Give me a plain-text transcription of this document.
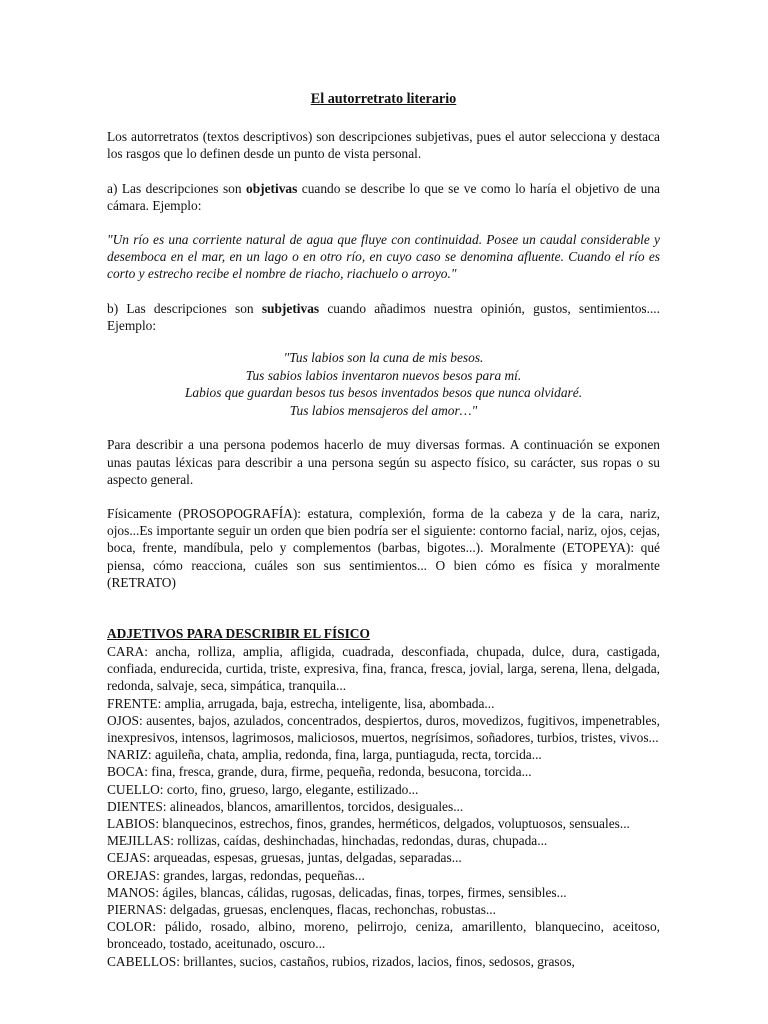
El autorretrato literario

Los autorretratos (textos descriptivos) son descripciones subjetivas, pues el autor selecciona y destaca los rasgos que lo definen desde un punto de vista personal.

a) Las descripciones son objetivas cuando se describe lo que se ve como lo haría el objetivo de una cámara. Ejemplo:

"Un río es una corriente natural de agua que fluye con continuidad. Posee un caudal considerable y desemboca en el mar, en un lago o en otro río, en cuyo caso se denomina afluente. Cuando el río es corto y estrecho recibe el nombre de riacho, riachuelo o arroyo."

b) Las descripciones son subjetivas cuando añadimos nuestra opinión, gustos, sentimientos.... Ejemplo:

"Tus labios son la cuna de mis besos.
Tus sabios labios inventaron nuevos besos para mí.
Labios que guardan besos tus besos inventados besos que nunca olvidaré.
Tus labios mensajeros del amor…"

Para describir a una persona podemos hacerlo de muy diversas formas. A continuación se exponen unas pautas léxicas para describir a una persona según su aspecto físico, su carácter, sus ropas o su aspecto general.

Físicamente (PROSOPOGRAFÍA): estatura, complexión, forma de la cabeza y de la cara, nariz, ojos...Es importante seguir un orden que bien podría ser el siguiente: contorno facial, nariz, ojos, cejas, boca, frente, mandíbula, pelo y complementos (barbas, bigotes...). Moralmente (ETOPEYA): qué piensa, cómo reacciona, cuáles son sus sentimientos... O bien cómo es física y moralmente (RETRATO)

ADJETIVOS PARA DESCRIBIR EL FÍSICO

CARA: ancha, rolliza, amplia, afligida, cuadrada, desconfiada, chupada, dulce, dura, castigada, confiada, endurecida, curtida, triste, expresiva, fina, franca, fresca, jovial, larga, serena, llena, delgada, redonda, salvaje, seca, simpática, tranquila...

FRENTE: amplia, arrugada, baja, estrecha, inteligente, lisa, abombada...

OJOS: ausentes, bajos, azulados, concentrados, despiertos, duros, movedizos, fugitivos, impenetrables, inexpresivos, intensos, lagrimosos, maliciosos, muertos, negrísimos, soñadores, turbios, tristes, vivos...

NARIZ: aguileña, chata, amplia, redonda, fina, larga, puntiaguda, recta, torcida...

BOCA: fina, fresca, grande, dura, firme, pequeña, redonda, besucona, torcida...

CUELLO: corto, fino, grueso, largo, elegante, estilizado...

DIENTES: alineados, blancos, amarillentos, torcidos, desiguales...

LABIOS: blanquecinos, estrechos, finos, grandes, herméticos, delgados, voluptuosos, sensuales...

MEJILLAS: rollizas, caídas, deshinchadas, hinchadas, redondas, duras, chupada...

CEJAS: arqueadas, espesas, gruesas, juntas, delgadas, separadas...

OREJAS: grandes, largas, redondas, pequeñas...

MANOS: ágiles, blancas, cálidas, rugosas, delicadas, finas, torpes, firmes, sensibles...

PIERNAS: delgadas, gruesas, enclenques, flacas, rechonchas, robustas...

COLOR: pálido, rosado, albino, moreno, pelirrojo, ceniza, amarillento, blanquecino, aceitoso, bronceado, tostado, aceitunado, oscuro...

CABELLOS: brillantes, sucios, castaños, rubios, rizados, lacios, finos, sedosos, grasos,
